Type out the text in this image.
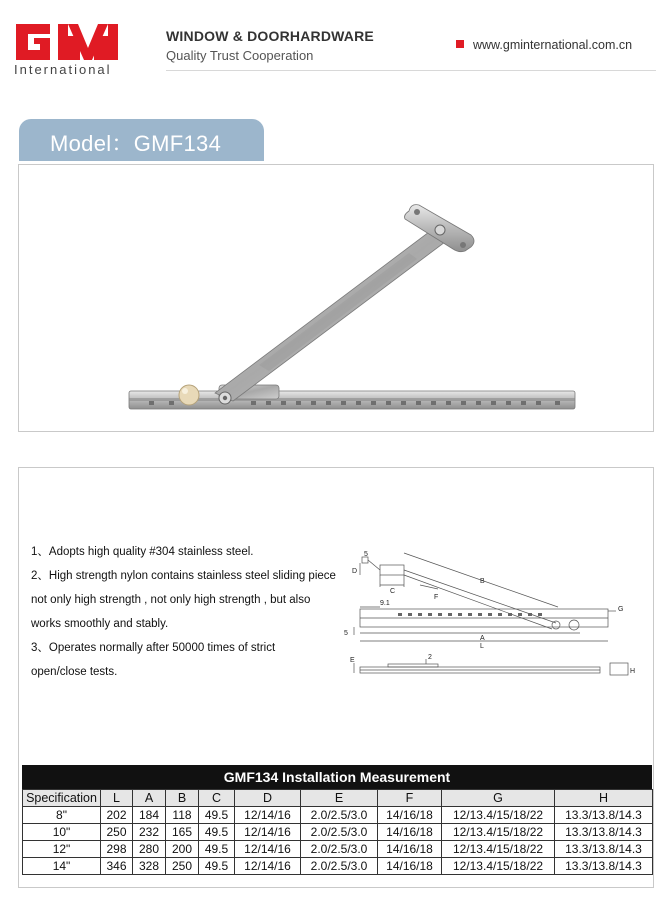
International
WINDOW & DOORHARDWARE
Quality Trust Cooperation
www.gminternational.com.cn
Model：GMF134

1、Adopts high quality #304 stainless steel.

2、High strength nylon contains stainless steel sliding piece

not only high strength , not only high strength , but also

works smoothly and stably.

3、Operates normally after 50000 times of strict

open/close tests.

B
C
D
F
5
9.1
G
5
A
L
E	2
H
GMF134 Installation Measurement
Specification	L	A	B	C	D	E	F	G	H
8"	202	184	118	49.5	12/14/16	2.0/2.5/3.0	14/16/18	12/13.4/15/18/22	13.3/13.8/14.3
10"	250	232	165	49.5	12/14/16	2.0/2.5/3.0	14/16/18	12/13.4/15/18/22	13.3/13.8/14.3
12"	298	280	200	49.5	12/14/16	2.0/2.5/3.0	14/16/18	12/13.4/15/18/22	13.3/13.8/14.3
14"	346	328	250	49.5	12/14/16	2.0/2.5/3.0	14/16/18	12/13.4/15/18/22	13.3/13.8/14.3
